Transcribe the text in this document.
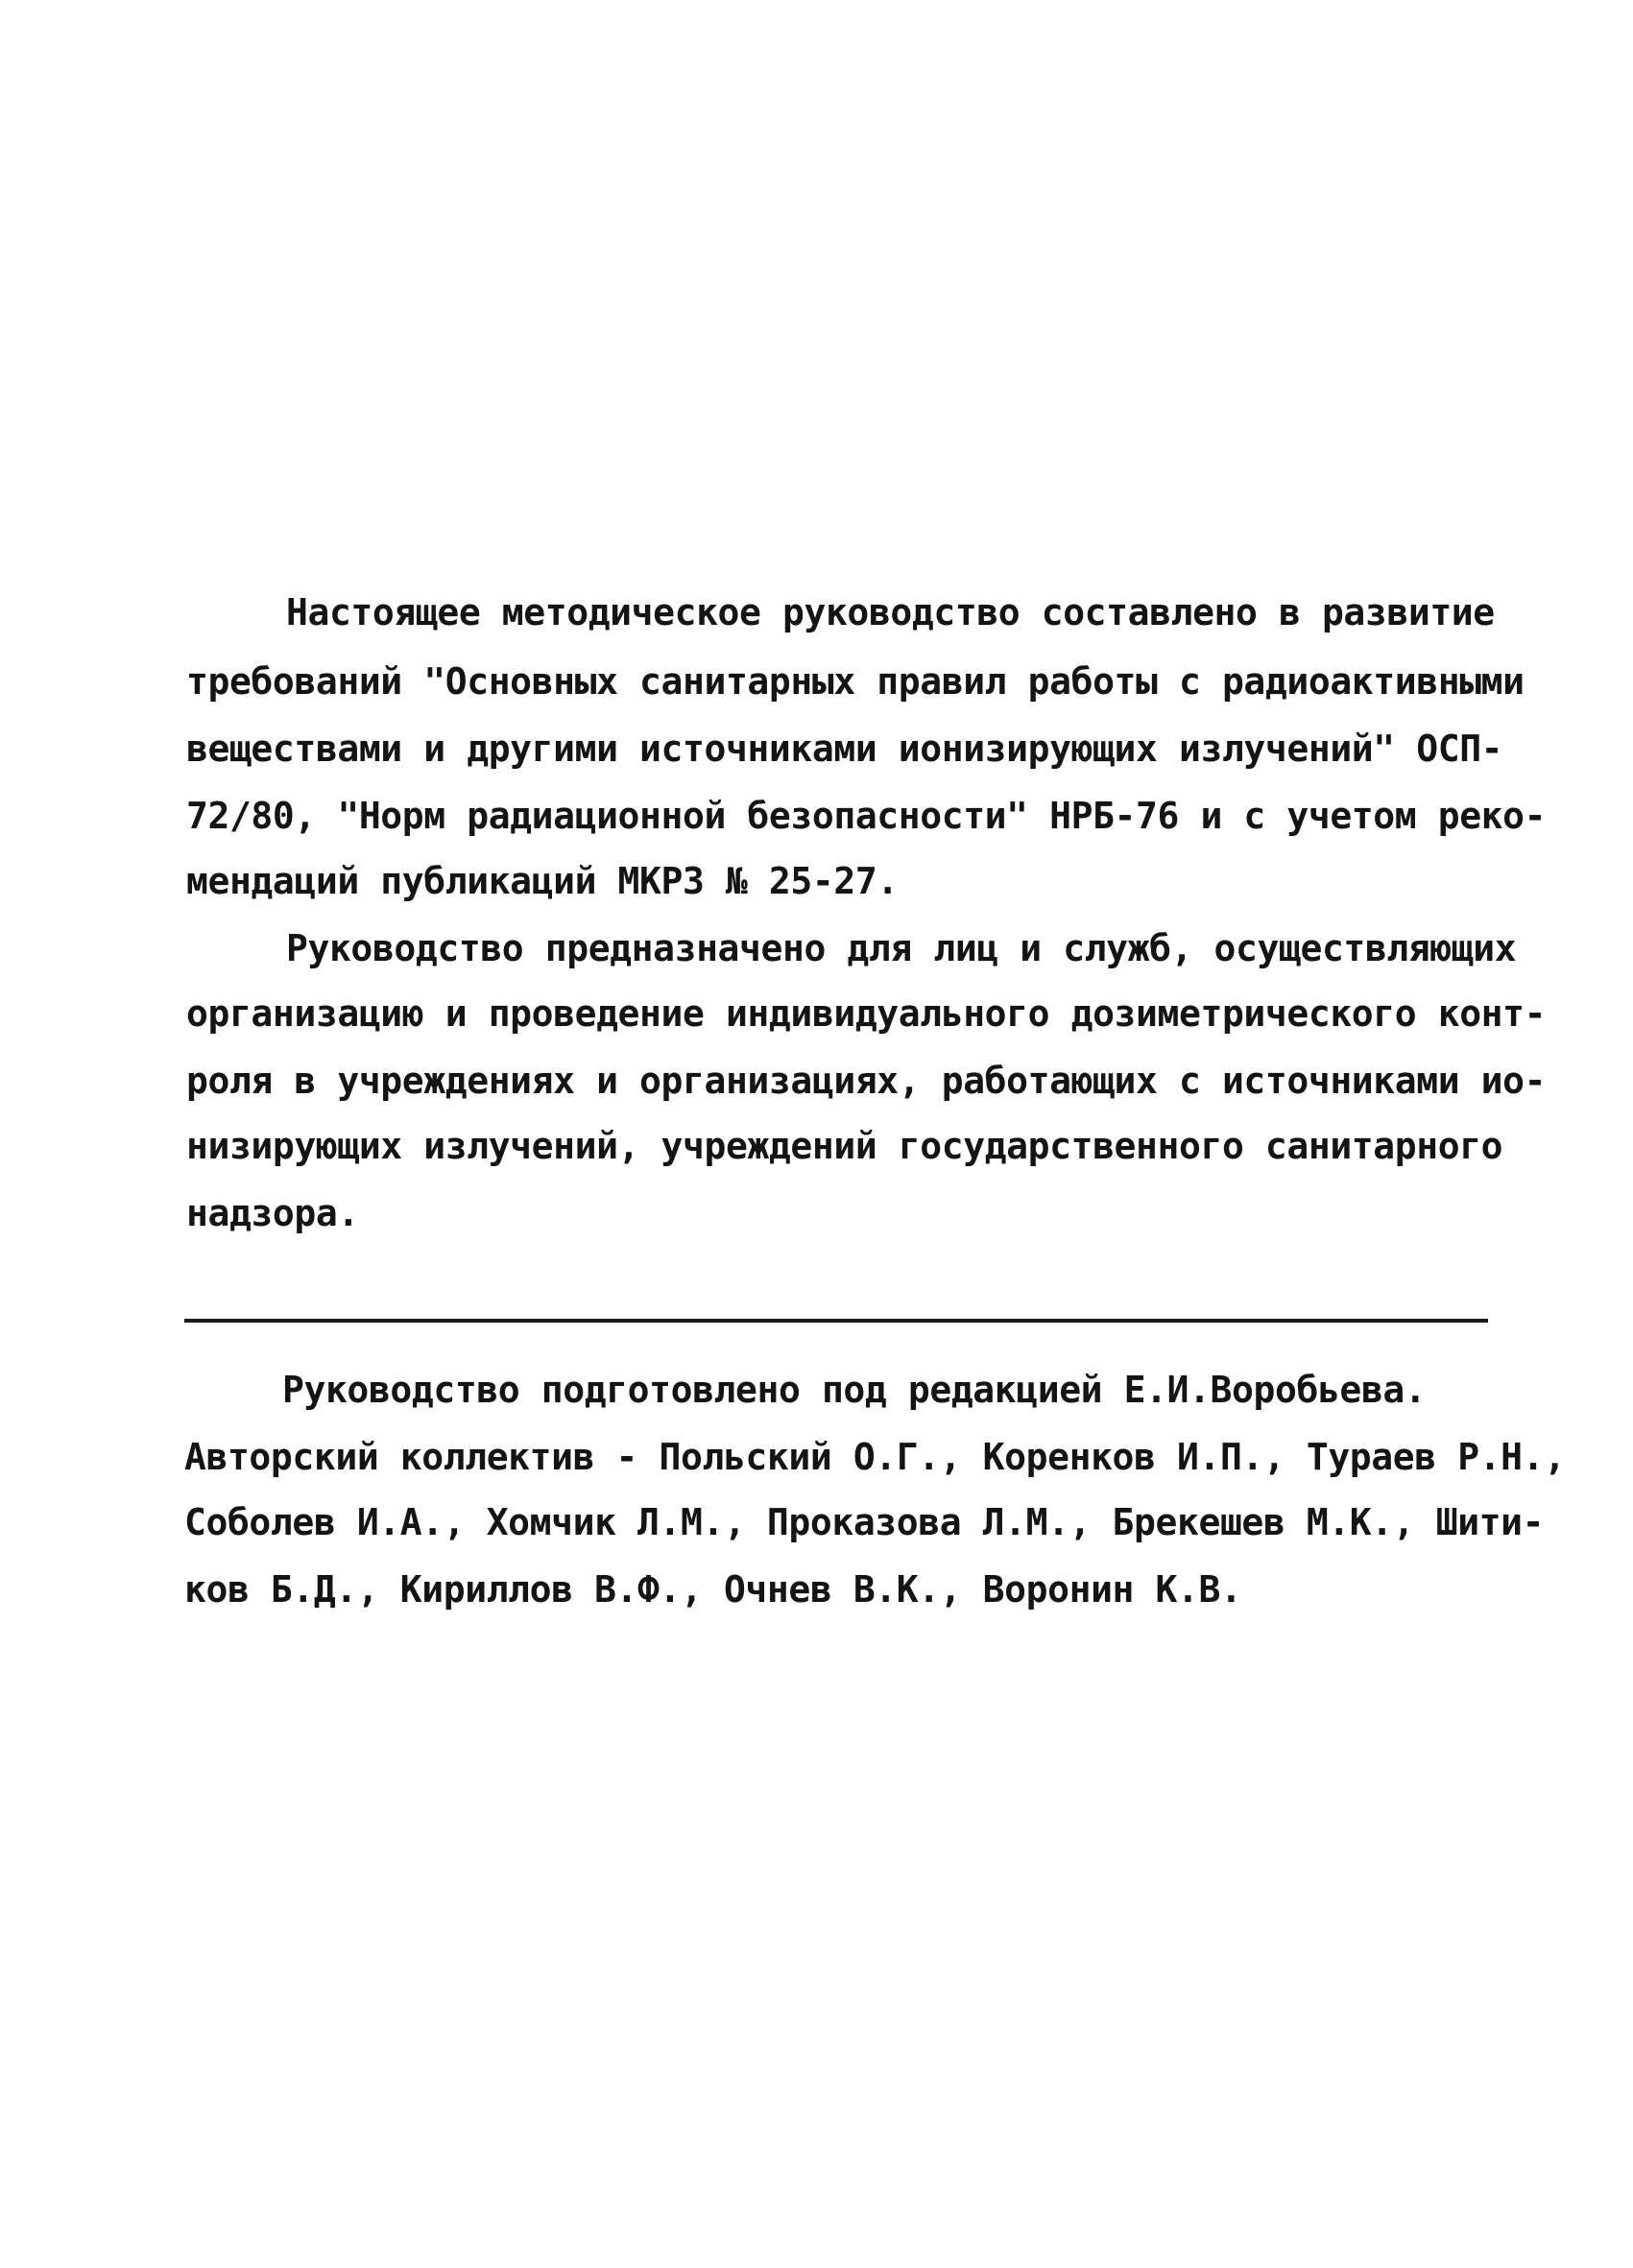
Настоящее методическое руководство составлено в развитие
требований "Основных санитарных правил работы с радиоактивными
веществами и другими источниками ионизирующих излучений" ОСП-
72/80, "Норм радиационной безопасности" НРБ-76 и с учетом реко-
мендаций публикаций МКРЗ № 25-27.
Руководство предназначено для лиц и служб, осуществляющих
организацию и проведение индивидуального дозиметрического конт-
роля в учреждениях и организациях, работающих с источниками ио-
низирующих излучений, учреждений государственного санитарного
надзора.
Руководство подготовлено под редакцией Е.И.Воробьева.
Авторский коллектив - Польский О.Г., Коренков И.П., Тураев Р.Н.,
Соболев И.А., Хомчик Л.М., Проказова Л.М., Брекешев М.К., Шити-
ков Б.Д., Кириллов В.Ф., Очнев В.К., Воронин К.В.
